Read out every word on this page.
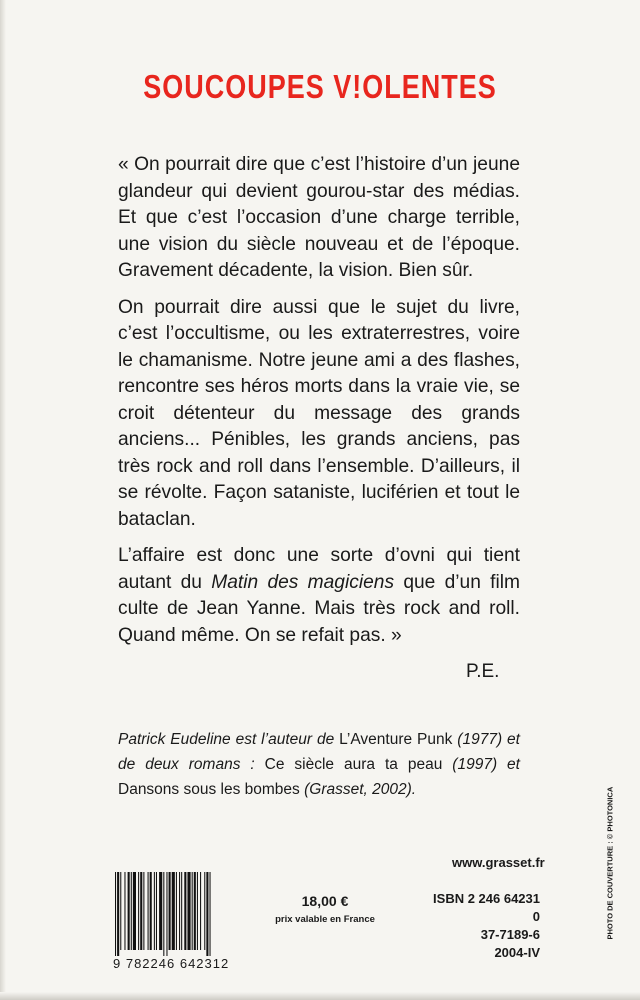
SOUCOUPES V!OLENTES

« On pourrait dire que c’est l’histoire d’un jeune glandeur qui devient gourou-star des médias. Et que c’est l’occasion d’une charge terrible, une vision du siècle nouveau et de l’époque. Gravement décadente, la vision. Bien sûr.

On pourrait dire aussi que le sujet du livre, c’est l’occultisme, ou les extraterrestres, voire le chamanisme. Notre jeune ami a des flashes, rencontre ses héros morts dans la vraie vie, se croit détenteur du message des grands anciens... Pénibles, les grands anciens, pas très rock and roll dans l’ensemble. D’ailleurs, il se révolte. Façon sataniste, luciférien et tout le bataclan.

L’affaire est donc une sorte d’ovni qui tient autant du Matin des magiciens que d’un film culte de Jean Yanne. Mais très rock and roll. Quand même. On se refait pas. »

P.E.
Patrick Eudeline est l’auteur de L’Aventure Punk (1977) et de deux romans : Ce siècle aura ta peau (1997) et Dansons sous les bombes (Grasset, 2002).
9 782246 642312
18,00 €
prix valable en France
www.grasset.fr
ISBN 2 246 64231 0
37-7189-6
2004-IV
PHOTO DE COUVERTURE : © PHOTONICA
